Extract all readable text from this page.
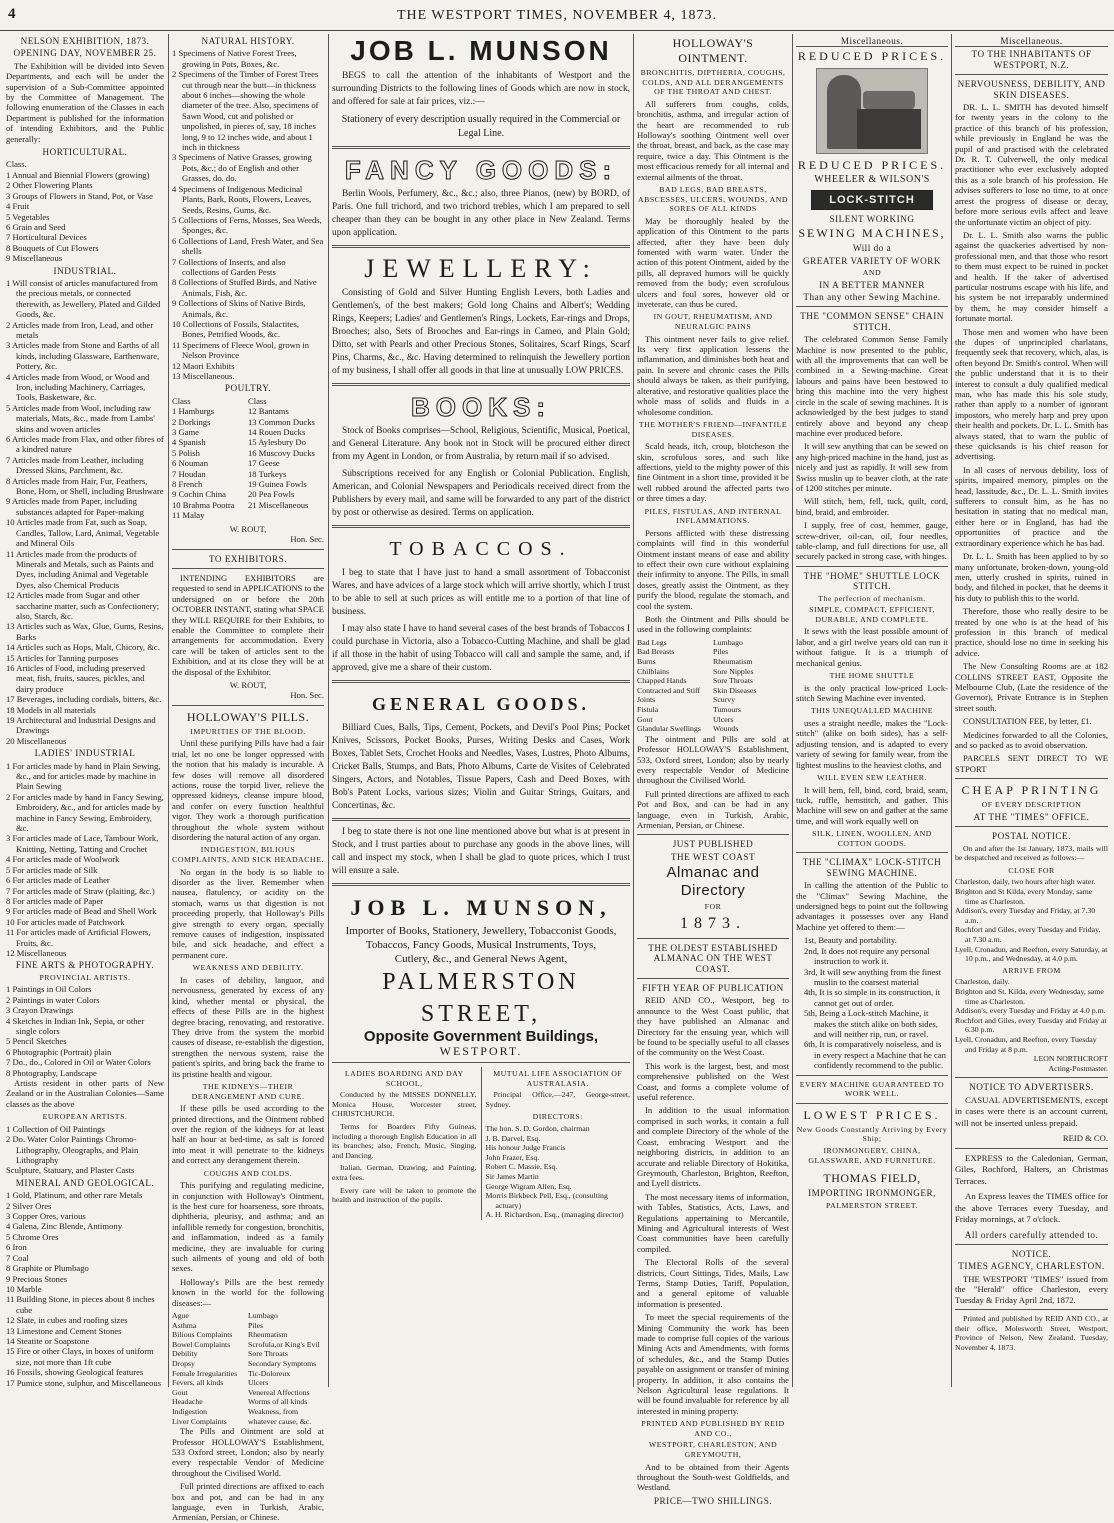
4	THE WESTPORT TIMES, NOVEMBER 4, 1873.
NELSON EXHIBITION, 1873.
OPENING DAY, NOVEMBER 25.
The Exhibition will be divided into Seven Departments, and each will be under the supervision of a Sub-Committee appointed by the Committee of Management. The following enumeration of the Classes in each Department is published for the information of intending Exhibitors, and the Public generally:
HORTICULTURAL.
Class.
1 Annual and Biennial Flowers (growing)
2 Other Flowering Plants
3 Groups of Flowers in Stand, Pot, or Vase
4 Fruit
5 Vegetables
6 Grain and Seed
7 Horticultural Devices
8 Bouquets of Cut Flowers
9 Miscellaneous
INDUSTRIAL.
1 Will consist of articles manufactured from the precious metals, or connected therewith, as Jewellery, Plated and Gilded Goods, &c.
2 Articles made from Iron, Lead, and other metals
3 Articles made from Stone and Earths of all kinds, including Glassware, Earthenware, Pottery, &c.
4 Articles made from Wood, or Wood and Iron, including Machinery, Carriages, Tools, Basketware, &c.
5 Articles made from Wool, including raw materials, Mats, &c., made from Lambs' skins and woven articles
6 Articles made from Flax, and other fibres of a kindred nature
7 Articles made from Leather, including Dressed Skins, Parchment, &c.
8 Articles made from Hair, Fur, Feathers, Bone, Horn, or Shell, including Brushware
9 Articles made from Paper, including substances adapted for Paper-making
10 Articles made from Fat, such as Soap, Candles, Tallow, Lard, Animal, Vegetable and Mineral Oils
11 Articles made from the products of Minerals and Metals, such as Paints and Dyes, including Animal and Vegetable Dyes, also Chemical Products
12 Articles made from Sugar and other saccharine matter, such as Confectionery; also, Starch, &c.
13 Articles such as Wax, Glue, Gums, Resins, Barks
14 Articles such as Hops, Malt, Chicory, &c.
15 Articles for Tanning purposes
16 Articles of Food, including preserved meat, fish, fruits, sauces, pickles, and dairy produce
17 Beverages, including cordials, bitters, &c.
18 Models in all materials
19 Architectural and Industrial Designs and Drawings
20 Miscellaneous
LADIES' INDUSTRIAL
1 For articles made by hand in Plain Sewing, &c., and for articles made by machine in Plain Sewing
2 For articles made by hand in Fancy Sewing, Embroidery, &c., and for articles made by machine in Fancy Sewing, Embroidery, &c.
3 For articles made of Lace, Tambour Work, Knitting, Netting, Tatting and Crochet
4 For articles made of Woolwork
5 For articles made of Silk
6 For articles made of Leather
7 For articles made of Straw (plaiting, &c.)
8 For articles made of Paper
9 For articles made of Bead and Shell Work
10 For articles made of Patchwork
11 For articles made of Artificial Flowers, Fruits, &c.
12 Miscellaneous
FINE ARTS & PHOTOGRAPHY.
PROVINCIAL ARTISTS.
1 Paintings in Oil Colors
2 Paintings in water Colors
3 Crayon Drawings
4 Sketches in Indian Ink, Sepia, or other single colors
5 Pencil Sketches
6 Photographic (Portrait) plain
7 Do., do., Colored in Oil or Water Colors
8 Photography, Landscape
Artists resident in other parts of New Zealand or in the Australian Colonies—Same classes as the above
EUROPEAN ARTISTS.
1 Collection of Oil Paintings
2 Do. Water Color Paintings Chromo-Lithography, Oleographs, and Plain Lithography
Sculpture, Statuary, and Plaster Casts
MINERAL AND GEOLOGICAL.
1 Gold, Platinum, and other rare Metals
2 Silver Ores
3 Copper Ores, various
4 Galena, Zinc Blende, Antimony
5 Chrome Ores
6 Iron
7 Coal
8 Graphite or Plumbago
9 Precious Stones
10 Marble
11 Building Stone, in pieces about 8 inches cube
12 Slate, in cubes and roofing sizes
13 Limestone and Cement Stones
14 Steatite or Soapstone
15 Fire or other Clays, in boxes of uniform size, not more than 1ft cube
16 Fossils, showing Geological features
17 Pumice stone, sulphur, and Miscellaneous
NATURAL HISTORY.
1 Specimens of Native Forest Trees, growing in Pots, Boxes, &c.
2 Specimens of the Timber of Forest Trees cut through near the butt—in thickness about 6 inches—showing the whole diameter of the tree. Also, specimens of Sawn Wood, cut and polished or unpolished, in pieces of, say, 18 inches long, 9 to 12 inches wide, and about 1 inch in thickness
3 Specimens of Native Grasses, growing Pots, &c.; do of English and other Grasses, do. do.
4 Specimens of Indigenous Medicinal Plants, Bark, Roots, Flowers, Leaves, Seeds, Resins, Gums, &c.
5 Collections of Ferns, Mosses, Sea Weeds, Sponges, &c.
6 Collections of Land, Fresh Water, and Sea shells
7 Collections of Insects, and also collections of Garden Pests
8 Collections of Stuffed Birds, and Native Animals, Fish, &c.
9 Collections of Skins of Native Birds, Animals, &c.
10 Collections of Fossils, Stalactites, Bones, Petrified Woods, &c.
11 Specimens of Fleece Wool, grown in Nelson Province
12 Maori Exhibits
13 Miscellaneous.
POULTRY.
Class
1 Hamburgs
2 Dorkings
3 Game
4 Spanish
5 Polish
6 Nouman
7 Houdan
8 French
9 Cochin China
10 Brahma Pootra
11 Malay
Class
12 Bantams
13 Common Ducks
14 Rouen Ducks
15 Aylesbury Do
16 Muscovy Ducks
17 Geese
18 Turkeys
19 Guinea Fowls
20 Pea Fowls
21 Miscellaneous
W. ROUT,
Hon. Sec.
TO EXHIBITORS.
INTENDING EXHIBITORS are requested to send in APPLICATIONS to the undersigned on or before the 20th OCTOBER INSTANT, stating what SPACE they WILL REQUIRE for their Exhibits, to enable the Committee to complete their arrangements for accommodation. Every care will be taken of articles sent to the Exhibition, and at its close they will be at the disposal of the Exhibitor.
W. ROUT,
Hon. Sec.
HOLLOWAY'S PILLS.
IMPURITIES OF THE BLOOD.
Until these purifying Pills have had a fair trial, let no one be longer oppressed with the notion that his malady is incurable. A few doses will remove all disordered actions, rouse the torpid liver, relieve the oppressed kidneys, cleanse impure blood, and confer on every function healthful vigor. They work a thorough purification throughout the whole system without disordering the natural action of any organ.
INDIGESTION, BILIOUS COMPLAINTS, AND SICK HEADACHE.
No organ in the body is so liable to disorder as the liver. Remember when nausea, flatulency, or acidity on the stomach, warns us that digestion is not proceeding properly, that Holloway's Pills give strength to every organ, specially remove causes of indigestion, inspissated bile, and sick headache, and effect a permanent cure.
WEAKNESS AND DEBILITY.
In cases of debility, languor, and nervousness, generated by excess of any kind, whether mental or physical, the effects of these Pills are in the highest degree bracing, renovating, and restorative. They drive from the system the morbid causes of disease, re-establish the digestion, strengthen the nervous system, raise the patient's spirits, and bring back the frame to its pristine health and vigour.
THE KIDNEYS—THEIR DERANGEMENT AND CURE.
If these pills be used according to the printed directions, and the Ointment rubbed over the region of the kidneys for at least half an hour at bed-time, as salt is forced into meat it will penetrate to the kidneys and correct any derangement therein.
COUGHS AND COLDS.
This purifying and regulating medicine, in conjunction with Holloway's Ointment, is the best cure for hoarseness, sore throats, diphtheria, pleurisy, and asthma; and an infallible remedy for congestion, bronchitis, and inflammation, indeed as a family medicine, they are invaluable for curing such ailments of young and old of both sexes.
Holloway's Pills are the best remedy known in the world for the following diseases:—
Ague
Asthma
Bilious Complaints
Bowel Complaints
Debility
Dropsy
Female Irregularities
Fevers, all kinds
Gout
Headache
Indigestion
Liver Complaints
Lumbago
Piles
Rheumatism
Scrofula,or King's Evil
Sore Throats
Secondary Symptoms
Tic-Doloreux
Ulcers
Venereal Affections
Worms of all kinds
Weakness, from whatever cause, &c.
The Pills and Ointment are sold at Professor HOLLOWAY'S Establishment, 533 Oxford street, London; also by nearly every respectable Vendor of Medicine throughout the Civilised World.
Full printed directions are affixed to each box and pot, and can be had in any language, even in Turkish, Arabic, Armenian, Persian, or Chinese.
JOB L. MUNSON
BEGS to call the attention of the inhabitants of Westport and the surrounding Districts to the following lines of Goods which are now in stock, and offered for sale at fair prices, viz.:—
Stationery of every description usually required in the Commercial or Legal Line.
FANCY GOODS:
Berlin Wools, Perfumery, &c., &c.; also, three Pianos, (new) by BORD, of Paris. One full trichord, and two trichord trebles, which I am prepared to sell cheaper than they can be bought in any other place in New Zealand. Terms upon application.
JEWELLERY:
Consisting of Gold and Silver Hunting English Levers, both Ladies and Gentlemen's, of the best makers; Gold long Chains and Albert's; Wedding Rings, Keepers; Ladies' and Gentlemen's Rings, Lockets, Ear-rings and Drops, Brooches; also, Sets of Brooches and Ear-rings in Cameo, and Plain Gold; Ditto, set with Pearls and other Precious Stones, Solitaires, Scarf Rings, Scarf Pins, Charms, &c., &c. Having determined to relinquish the Jewellery portion of my business, I shall offer all goods in that line at unusually LOW PRICES.
BOOKS:
Stock of Books comprises—School, Religious, Scientific, Musical, Poetical, and General Literature. Any book not in Stock will be procured either direct from my Agent in London, or from Australia, by return mail if so advised.
Subscriptions received for any English or Colonial Publication. English, American, and Colonial Newspapers and Periodicals received direct from the Publishers by every mail, and same will be forwarded to any part of the district by post or otherwise as desired. Terms on application.
TOBACCOS.
I beg to state that I have just to hand a small assortment of Tobacconist Wares, and have advices of a large stock which will arrive shortly, which I trust to be able to sell at such prices as will entitle me to a portion of that line of business.
I may also state I have to hand several cases of the best brands of Tobaccos I could purchase in Victoria, also a Tobacco-Cutting Machine, and shall be glad if all those in the habit of using Tobacco will call and sample the same, and, if approved, give me a share of their custom.
GENERAL GOODS.
Billiard Cues, Balls, Tips, Cement, Pockets, and Devil's Pool Pins; Pocket Knives, Scissors, Pocket Books, Purses, Writing Desks and Cases, Work Boxes, Tablet Sets, Crochet Hooks and Needles, Vases, Lustres, Photo Albums, Cricket Balls, Stumps, and Bats, Photo Albums, Carte de Visites of Celebrated Singers, Actors, and Notables, Tissue Papers, Cash and Deed Boxes, with Bob's Patent Locks, various sizes; Violin and Guitar Strings, Guitars, and Concertinas, &c.
I beg to state there is not one line mentioned above but what is at present in Stock, and I trust parties about to purchase any goods in the above lines, will call and inspect my stock, when I shall be glad to quote prices, which I trust will ensure a sale.
JOB L. MUNSON,
Importer of Books, Stationery, Jewellery, Tobacconist Goods,
Tobaccos, Fancy Goods, Musical Instruments, Toys,
Cutlery, &c., and General News Agent,
PALMERSTON STREET,
Opposite Government Buildings,
WESTPORT.
LADIES BOARDING AND DAY SCHOOL,
Conducted by the MISSES DONNELLY, Monica House, Worcester street, CHRISTCHURCH.
Terms for Boarders Fifty Guineas, including a thorough English Education in all its branches; also, French, Music, Singing, and Dancing.
Italian, German, Drawing, and Painting, extra fees.
Every care will be taken to promote the health and instruction of the pupils.
MUTUAL LIFE ASSOCIATION OF AUSTRALASIA.
Principal Office,—247, George-street, Sydney.
DIRECTORS:
The hon. S. D. Gordon, chairman
J. B. Darvel, Esq.
His honour Judge Francis
John Frazer, Esq.
Robert C. Massie, Esq.
Sir James Martin
George Wigram Allen, Esq.
Morris Birkbeck Pell, Esq., (consulting actuary)
A. H. Richardson, Esq., (managing director)
HOLLOWAY'S OINTMENT.
BRONCHITIS, DIPTHERIA, COUGHS, COLDS, AND ALL DERANGEMENTS OF THE THROAT AND CHEST.
All sufferers from coughs, colds, bronchitis, asthma, and irregular action of the heart are recommended to rub Holloway's soothing Ointment well over the throat, breast, and back, as the case may require, twice a day. This Ointment is the most efficacious remedy for all internal and external ailments of the throat.
BAD LEGS, BAD BREASTS, ABSCESSES, ULCERS, WOUNDS, AND SORES OF ALL KINDS
May be thoroughly healed by the application of this Ointment to the parts affected, after they have been duly fomented with warm water. Under the action of this potent Ointment, aided by the pills, all depraved humors will be quickly removed from the body; even scrofulous ulcers and foul sores, however old or inveterate, can thus be cured.
IN GOUT, RHEUMATISM, AND NEURALGIC PAINS
This ointment never fails to give relief. Its very first application lessens the inflammation, and diminishes both heat and pain. In severe and chronic cases the Pills should always be taken, as their purifying, alterative, and restorative qualities place the whole mass of solids and fluids in a wholesome condition.
THE MOTHER'S FRIEND—INFANTILE DISEASES.
Scald heads, itch, croup, blotcheson the skin, scrofulous sores, and such like affections, yield to the mighty power of this fine Ointment in a short time, provided it be well rubbed around the affected parts two or three times a day.
PILES, FISTULAS, AND INTERNAL INFLAMMATIONS.
Persons afflicted with these distressing complaints will find in this wonderful Ointment instant means of ease and ability to effect their own cure without explaining their infirmity to anyone. The Pills, in small doses, greatly assist the Ointment, as they purify the blood, regulate the stomach, and cool the system.
Both the Ointment and Pills should be used in the following complaints:
Bad Legs
Bad Breasts
Burns
Chilblains
Chapped Hands
Contracted and Stiff Joints
Fistula
Gout
Glandular Swellings
Lumbago
Piles
Rheumatism
Sore Nipples
Sore Throats
Skin Diseases
Scurvy
Tumours
Ulcers
Wounds
The ointment and Pills are sold at Professor HOLLOWAY'S Establishment, 533, Oxford street, London; also by nearly every respectable Vendor of Medicine throughout the Civilised World.
Full printed directions are affixed to each Pot and Box, and can be had in any language, even in Turkish, Arabic, Armenian, Persian, or Chinese.
JUST PUBLISHED
THE WEST COAST
Almanac and Directory
FOR
1873.
THE OLDEST ESTABLISHED ALMANAC ON THE WEST COAST.
FIFTH YEAR OF PUBLICATION
REID AND CO., Westport, beg to announce to the West Coast public, that they have published an Almanac and Directory for the ensuing year, which will be found to be specially useful to all classes of the community on the West Coast.
This work is the largest, best, and most comprehensive published on the West Coast, and forms a complete volume of useful reference.
In addition to the usual information comprised in such works, it contain a full and complete Directory of the whole of the Coast, embracing Westport and the neighboring districts, in addition to an accurate and reliable Directory of Hokitika, Greymouth, Charleston, Brighton, Reefton, and Lyell districts.
The most necessary items of information, with Tables, Statistics, Acts, Laws, and Regulations appertaining to Mercantile, Mining and Agricultural interests of West Coast communities have been carefully compiled.
The Electoral Rolls of the several districts, Court Sittings, Tides, Mails, Law Terms, Stamp Duties, Tariff, Population, and a general epitome of valuable information is presented.
To meet the special requirements of the Mining Community the work has been made to comprise full copies of the various Mining Acts and Amendments, with forms of schedules, &c., and the Stamp Duties payable on assignment or transfer of mining property. In addition, it also contains the Nelson Agricultural lease regulations. It will be found invaluable for reference by all interested in mining property.
PRINTED AND PUBLISHED BY REID AND CO.,
WESTPORT, CHARLESTON, AND GREYMOUTH,
And to be obtained from their Agents throughout the South-west Goldfields, and Westland.
PRICE—TWO SHILLINGS.
Miscellaneous.
REDUCED PRICES.
REDUCED PRICES.
WHEELER & WILSON'S
LOCK-STITCH
SILENT WORKING
SEWING MACHINES,
Will do a
GREATER VARIETY OF WORK
AND
IN A BETTER MANNER
Than any other Sewing Machine.
THE "COMMON SENSE" CHAIN STITCH.
The celebrated Common Sense Family Machine is now presented to the public, with all the improvements that can well be combined in a Sewing-machine. Great labours and pains have been bestowed to bring this machine into the very highest circle in the scale of sewing machines. It is acknowledged by the best judges to stand entirely above and beyond any cheap machine ever produced before.
It will sew anything that can be sewed on any high-priced machine in the hand, just as nicely and just as rapidly. It will sew from Swiss muslin up to beaver cloth, at the rate of 1200 stitches per minute.
Will stitch, hem, fell, tuck, quilt, cord, bind, braid, and embroider.
I supply, free of cost, hemmer, gauge, screw-driver, oil-can, oil, four needles, table-clamp, and full directions for use, all securely packed in strong case, with hinges.
THE "HOME" SHUTTLE LOCK STITCH.
The perfection of mechanism.
SIMPLE, COMPACT, EFFICIENT, DURABLE, AND COMPLETE.
It sews with the least possible amount of labor, and a girl twelve years old can run it without fatigue. It is a triumph of mechanical genius.
THE HOME SHUTTLE
is the only practical low-priced Lock-stitch Sewing Machine ever invented.
THIS UNEQUALLED MACHINE
uses a straight needle, makes the "Lock-stitch" (alike on both sides), has a self-adjusting tension, and is adapted to every variety of sewing for family wear, from the lightest muslins to the heaviest cloths, and
WILL EVEN SEW LEATHER.
It will hem, fell, bind, cord, braid, seam, tuck, ruffle, hemstitch, and gather. This Machine will sew on and gather at the same time, and will work equally well on
SILK, LINEN, WOOLLEN, AND COTTON GOODS.
THE "CLIMAX" LOCK-STITCH SEWING MACHINE.
In calling the attention of the Public to the "Climax" Sewing Machine, the undersigned begs to point out the following advantages it possesses over any Hand Machine yet offered to them:—
1st, Beauty and portability.
2nd, It does not require any personal instruction to work it.
3rd, It will sew anything from the finest muslin to the coarsest material
4th, It is so simple in its construction, it cannot get out of order.
5th, Being a Lock-stitch Machine, it makes the stitch alike on both sides, and will neither rip, run, or ravel.
6th, It is comparatively noiseless, and is in every respect a Machine that he can confidently recommend to the public.
EVERY MACHINE GUARANTEED TO WORK WELL.
LOWEST PRICES.
New Goods Constantly Arriving by Every Ship;
IRONMONGERY, CHINA, GLASSWARE, AND FURNITURE.
THOMAS FIELD,
IMPORTING IRONMONGER,
PALMERSTON STREET.
Miscellaneous.
TO THE INHABITANTS OF WESTPORT, N.Z.
NERVOUSNESS, DEBILITY, AND SKIN DISEASES.
DR. L. L. SMITH has devoted himself for twenty years in the colony to the practice of this branch of his profession, while previously in England he was the pupil of and practised with the celebrated Dr. R. T. Culverwell, the only medical practitioner who ever exclusively adopted this as a sole branch of his profession. He advises sufferers to lose no time, to at once arrest the progress of disease or decay, before more serious evils affect and leave the unfortunate victim an object of pity.
Dr. L. L. Smith also warns the public against the quackeries advertised by non-professional men, and that those who resort to them must expect to be ruined in pocket and health. If the taker of advertised particular nostrums escape with his life, and his system be not irreparably undermined by them, he may consider himself a fortunate mortal.
Those men and women who have been the dupes of unprincipled charlatans, frequently seek that recovery, which, alas, is often beyond Dr. Smith's control. When will the public understand that it is to their interest to consult a duly qualified medical man, who has made this his sole study, rather than apply to a number of ignorant impostors, who merely harp and prey upon their health and pockets. Dr. L. L. Smith has always stated, that to warn the public of these quicksands is his chief reason for advertising.
In all cases of nervous debility, loss of spirits, impaired memory, pimples on the head, lassitude, &c., Dr. L. L. Smith invites sufferers to consult him, as he has no hesitation in stating that no medical man, either here or in England, has had the opportunities of practice and the extraordinary experience which he has had.
Dr. L. L. Smith has been applied to by so many unfortunate, broken-down, young-old men, utterly crushed in spirits, ruined in body, and filched in pocket, that he deems it his duty to publish this to the world.
Therefore, those who really desire to be treated by one who is at the head of his profession in this branch of medical practice, should lose no time in seeking his advice.
The New Consulting Rooms are at 182 COLLINS STREET EAST, Opposite the Melbourne Club, (Late the residence of the Governor), Private Entrance is in Stephen street south.
CONSULTATION FEE, by letter, £1.
Medicines forwarded to all the Colonies, and so packed as to avoid observation.
PARCELS SENT DIRECT TO WE STPORT
CHEAP PRINTING
OF EVERY DESCRIPTION
AT THE "TIMES" OFFICE.
POSTAL NOTICE.
On and after the 1st January, 1873, mails will be despatched and received as follows:—
CLOSE FOR
Charleston, daily, two hours after high water.
Brighton and St Kilda, every Monday, same time as Charleston.
Addison's, every Tuesday and Friday, at 7.30 a.m.
Rochfort and Giles, every Tuesday and Friday, at 7.30 a.m.
Lyell, Cronadun, and Reefton, every Saturday, at 10 p.m., and Wednesday, at 4.0 p.m.
ARRIVE FROM
Charleston, daily.
Brighton and St. Kilda, every Wednesday, same time as Charleston.
Addison's, every Tuesday and Friday at 4.0 p.m.
Rochfort and Giles, every Tuesday and Friday at 6.30 p.m.
Lyell, Cronadun, and Reefton, every Tuesday and Friday at 8 p.m.
LEON NORTHCROFT
Acting-Postmaster.
NOTICE TO ADVERTISERS.
CASUAL ADVERTISEMENTS, except in cases were there is an account current, will not be inserted unless prepaid.
REID & CO.
EXPRESS to the Caledonian, German, Giles, Rochford, Halters, an Christmas Terraces.
An Express leaves the TIMES office for the above Terraces every Tuesday, and Friday mornings, at 7 o'clock.
All orders carefully attended to.
NOTICE.
TIMES AGENCY, CHARLESTON.
THE WESTPORT "TIMES" issued from the "Herald" office Charleston, every Tuesday & Friday April 2nd, 1872.
Printed and published by REID AND CO., at their office, Molesworth Street, Westport, Province of Nelson, New Zealand. Tuesday, November 4, 1873.
